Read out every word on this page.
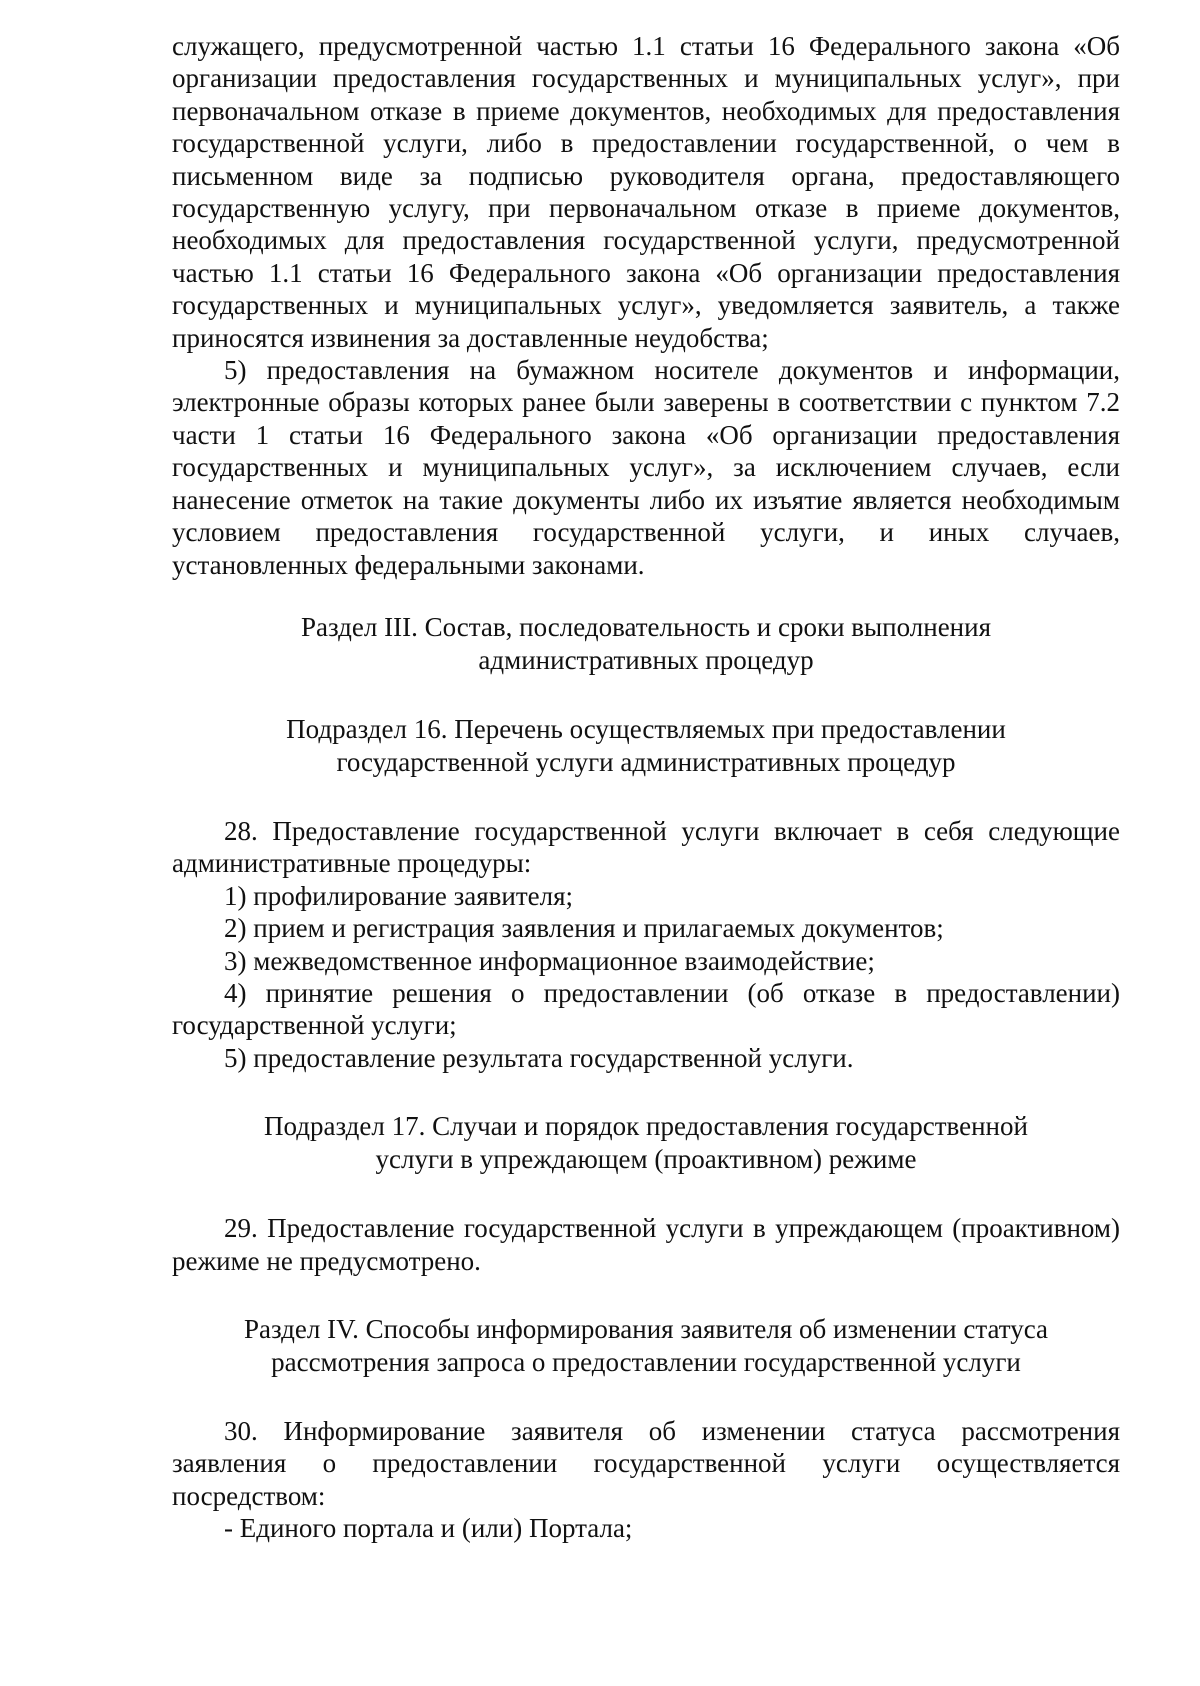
служащего, предусмотренной частью 1.1 статьи 16 Федерального закона «Об организации предоставления государственных и муниципальных услуг», при первоначальном отказе в приеме документов, необходимых для предоставления государственной услуги, либо в предоставлении государственной, о чем в письменном виде за подписью руководителя органа, предоставляющего государственную услугу, при первоначальном отказе в приеме документов, необходимых для предоставления государственной услуги, предусмотренной частью 1.1 статьи 16 Федерального закона «Об организации предоставления государственных и муниципальных услуг», уведомляется заявитель, а также приносятся извинения за доставленные неудобства;

5) предоставления на бумажном носителе документов и информации, электронные образы которых ранее были заверены в соответствии с пунктом 7.2 части 1 статьи 16 Федерального закона «Об организации предоставления государственных и муниципальных услуг», за исключением случаев, если нанесение отметок на такие документы либо их изъятие является необходимым условием предоставления государственной услуги, и иных случаев, установленных федеральными законами.

Раздел III. Состав, последовательность и сроки выполнения
административных процедур
Подраздел 16. Перечень осуществляемых при предоставлении
государственной услуги административных процедур

28. Предоставление государственной услуги включает в себя следующие административные процедуры:

1) профилирование заявителя;

2) прием и регистрация заявления и прилагаемых документов;

3) межведомственное информационное взаимодействие;

4) принятие решения о предоставлении (об отказе в предоставлении) государственной услуги;

5) предоставление результата государственной услуги.

Подраздел 17. Случаи и порядок предоставления государственной
услуги в упреждающем (проактивном) режиме

29. Предоставление государственной услуги в упреждающем (проактивном) режиме не предусмотрено.

Раздел IV. Способы информирования заявителя об изменении статуса
рассмотрения запроса о предоставлении государственной услуги

30. Информирование заявителя об изменении статуса рассмотрения заявления о предоставлении государственной услуги осуществляется посредством:

- Единого портала и (или) Портала;
